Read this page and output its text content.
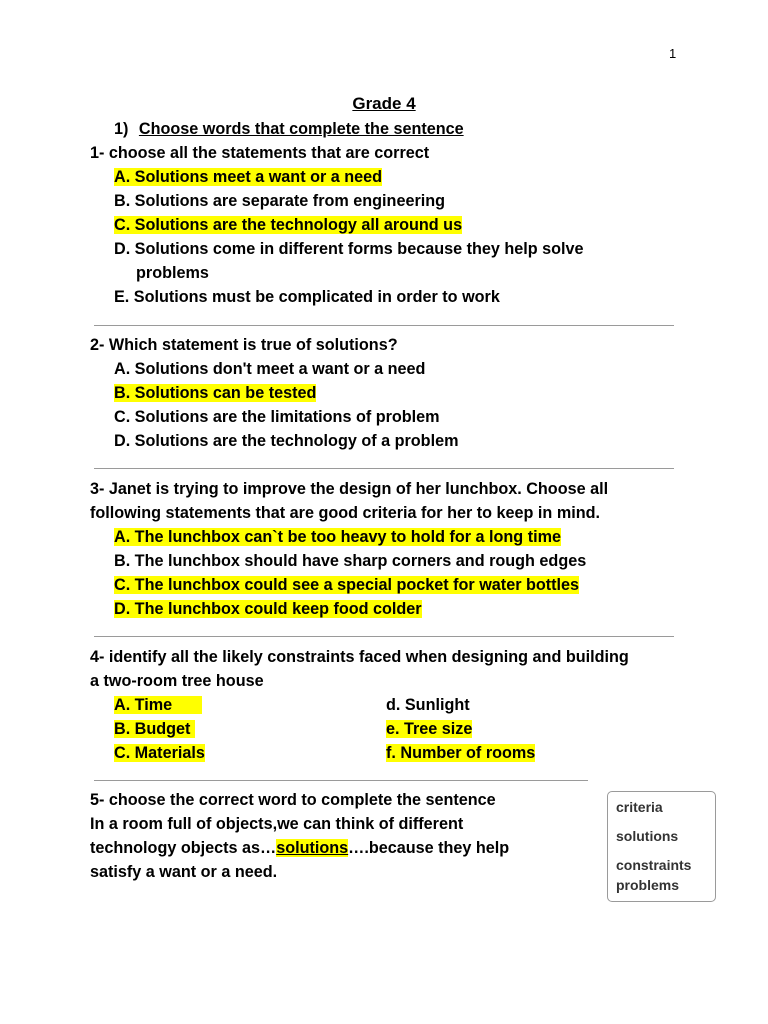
1
Grade 4
1) Choose words that complete the sentence
1- choose all the statements that are correct
A. Solutions meet a want or a need
B. Solutions are separate from engineering
C. Solutions are the technology all around us
D. Solutions come in different forms because they help solve
problems
E. Solutions must be complicated in order to work
2- Which statement is true of solutions?
A. Solutions don't meet a want or a need
B. Solutions can be tested
C. Solutions are the limitations of problem
D. Solutions are the technology of a problem
3- Janet is trying to improve the design of her lunchbox. Choose all
following statements that are good criteria for her to keep in mind.
A. The lunchbox can`t be too heavy to hold for a long time
B. The lunchbox should have sharp corners and rough edges
C. The lunchbox could see a special pocket for water bottles
D. The lunchbox could keep food colder
4- identify all the likely constraints faced when designing and building
a two-room tree house
A. Time
B. Budget
C. Materials
d. Sunlight
e. Tree size
f. Number of rooms
5- choose the correct word to complete the sentence
In a room full of objects,we can think of different
technology objects as…solutions….because they help
satisfy a want or a need.
criteria
solutions
constraints
problems
